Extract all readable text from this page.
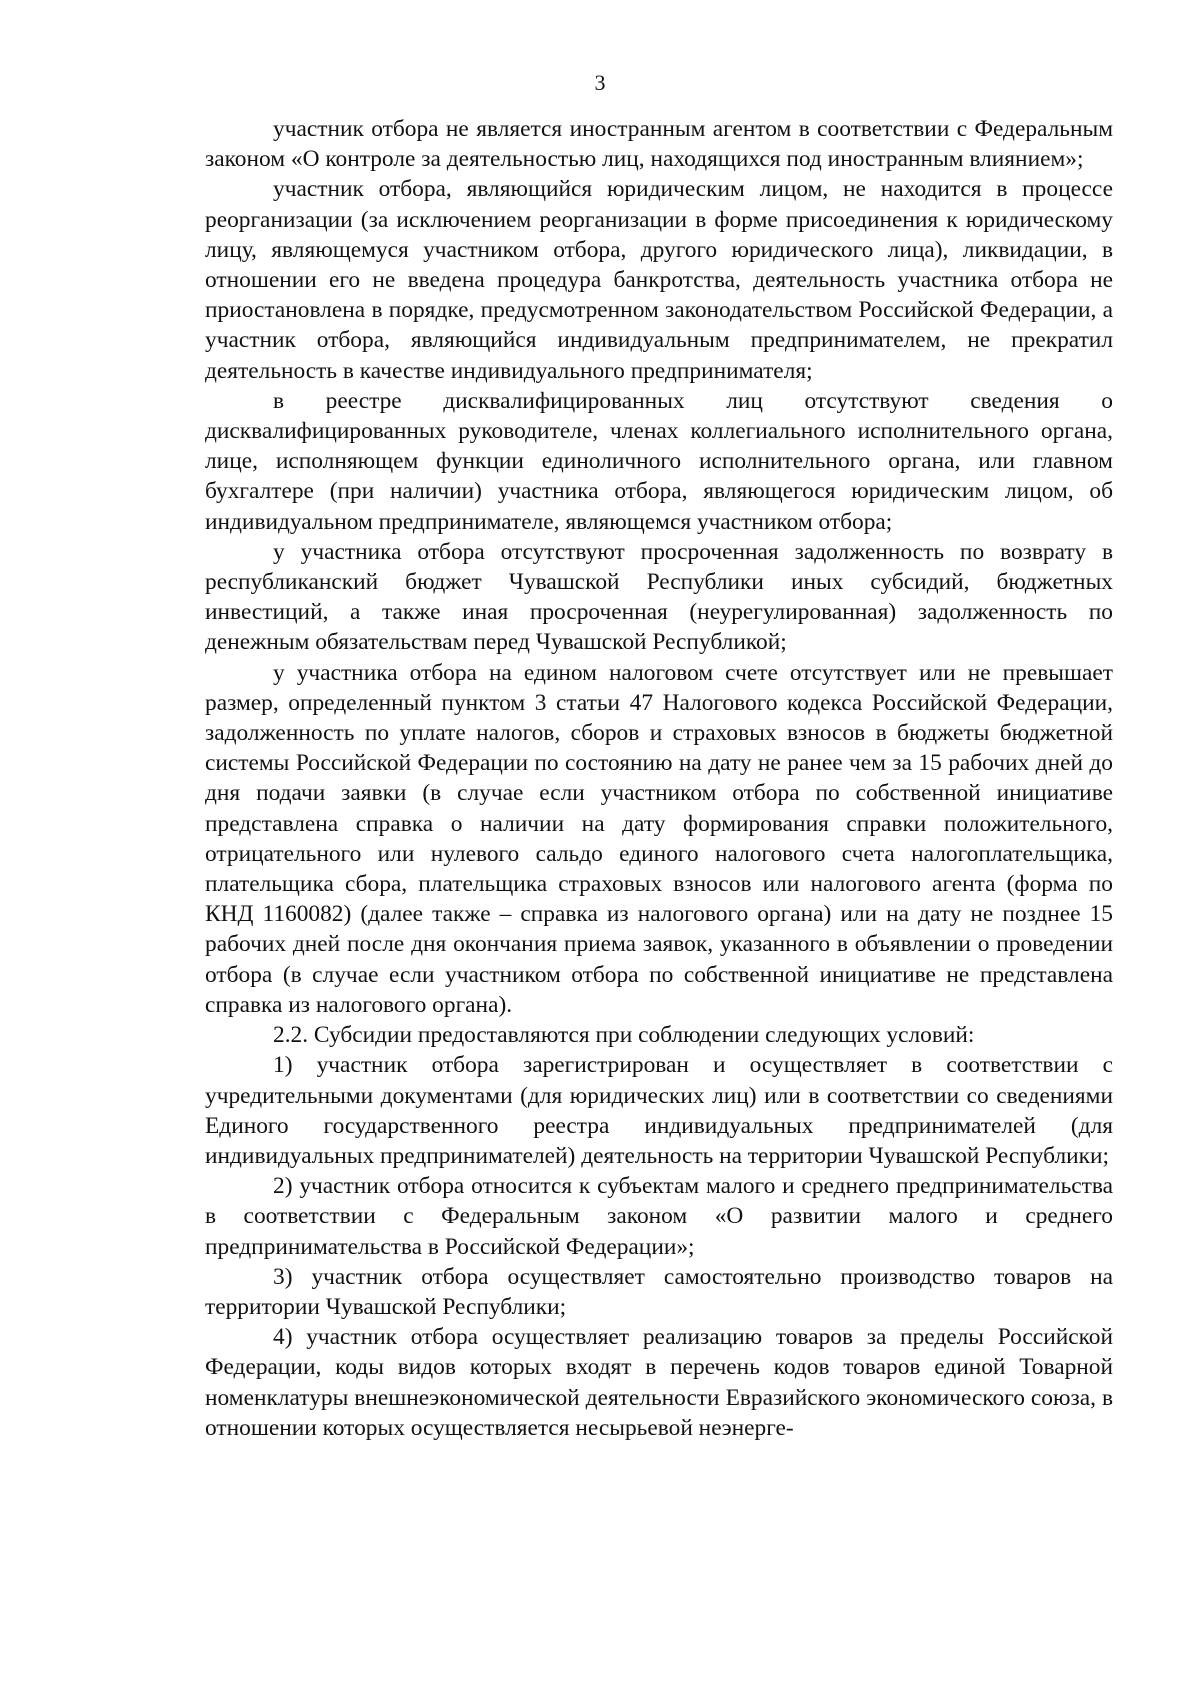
3

участник отбора не является иностранным агентом в соответствии с Федеральным законом «О контроле за деятельностью лиц, находящихся под иностранным влиянием»;

участник отбора, являющийся юридическим лицом, не находится в процессе реорганизации (за исключением реорганизации в форме присоединения к юридическому лицу, являющемуся участником отбора, другого юридического лица), ликвидации, в отношении его не введена процедура банкротства, деятельность участника отбора не приостановлена в порядке, предусмотренном законодательством Российской Федерации, а участник отбора, являющийся индивидуальным предпринимателем, не прекратил деятельность в качестве индивидуального предпринимателя;

в реестре дисквалифицированных лиц отсутствуют сведения о дисквалифицированных руководителе, членах коллегиального исполнительного органа, лице, исполняющем функции единоличного исполнительного органа, или главном бухгалтере (при наличии) участника отбора, являющегося юридическим лицом, об индивидуальном предпринимателе, являющемся участником отбора;

у участника отбора отсутствуют просроченная задолженность по возврату в республиканский бюджет Чувашской Республики иных субсидий, бюджетных инвестиций, а также иная просроченная (неурегулированная) задолженность по денежным обязательствам перед Чувашской Республикой;

у участника отбора на едином налоговом счете отсутствует или не превышает размер, определенный пунктом 3 статьи 47 Налогового кодекса Российской Федерации, задолженность по уплате налогов, сборов и страховых взносов в бюджеты бюджетной системы Российской Федерации по состоянию на дату не ранее чем за 15 рабочих дней до дня подачи заявки (в случае если участником отбора по собственной инициативе представлена справка о наличии на дату формирования справки положительного, отрицательного или нулевого сальдо единого налогового счета налогоплательщика, плательщика сбора, плательщика страховых взносов или налогового агента (форма по КНД 1160082) (далее также – справка из налогового органа) или на дату не позднее 15 рабочих дней после дня окончания приема заявок, указанного в объявлении о проведении отбора (в случае если участником отбора по собственной инициативе не представлена справка из налогового органа).

2.2. Субсидии предоставляются при соблюдении следующих условий:

1) участник отбора зарегистрирован и осуществляет в соответствии с учредительными документами (для юридических лиц) или в соответствии со сведениями Единого государственного реестра индивидуальных предпринимателей (для индивидуальных предпринимателей) деятельность на территории Чувашской Республики;

2) участник отбора относится к субъектам малого и среднего предпринимательства в соответствии с Федеральным законом «О развитии малого и среднего предпринимательства в Российской Федерации»;

3) участник отбора осуществляет самостоятельно производство товаров на территории Чувашской Республики;

4) участник отбора осуществляет реализацию товаров за пределы Российской Федерации, коды видов которых входят в перечень кодов товаров единой Товарной номенклатуры внешнеэкономической деятельности Евразийского экономического союза, в отношении которых осуществляется несырьевой неэнерге-
